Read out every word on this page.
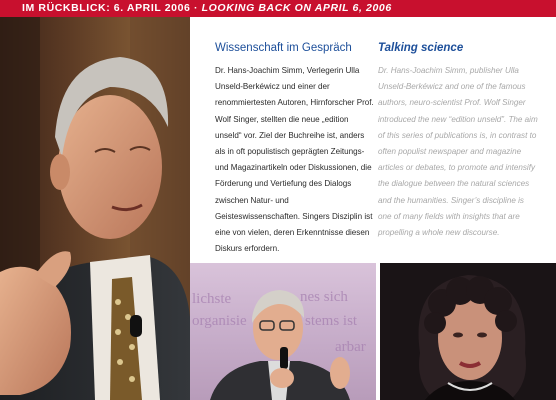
IM RÜCKBLICK: 6. APRIL 2006 · LOOKING BACK ON APRIL 6, 2006
Wissenschaft im Gespräch

Dr. Hans-Joachim Simm, Verlegerin Ulla Unseld-Berkéwicz und einer der renommiertesten Autoren, Hirnforscher Prof. Wolf Singer, stellten die neue „edition unseld“ vor. Ziel der Buchreihe ist, anders als in oft populistisch geprägten Zeitungs- und Magazinartikeln oder Diskussionen, die Förderung und Vertiefung des Dialogs zwischen Natur- und Geisteswissenschaften. Singers Disziplin ist eine von vielen, deren Erkenntnisse diesen Diskurs erfordern.

Talking science

Dr. Hans-Joachim Simm, publisher Ulla Unseld-Berkéwicz and one of the famous authors, neuro-scientist Prof. Wolf Singer introduced the new “edition unseld”. The aim of this series of publications is, in contrast to often populist newspaper and magazine articles or debates, to promote and intensify the dialogue between the natural sciences and the humanities. Singer’s discipline is one of many fields with insights that are propelling a whole new discourse.

lichste	nes sich
organisie	stems ist
arbar
